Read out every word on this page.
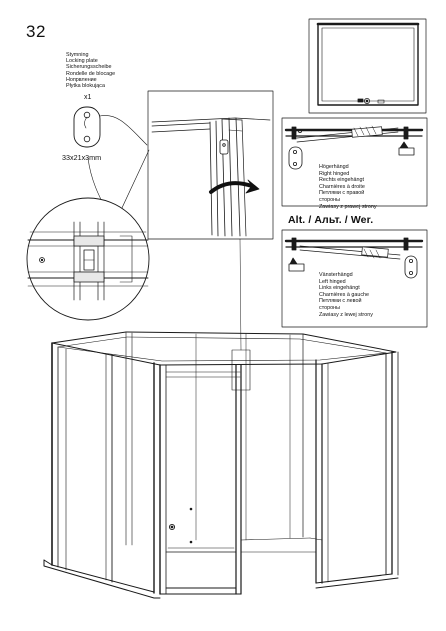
32
Stymning
Locking plate
Sicherungsscheibe
Rondelle de blocage
Нопрвление
Płytka blokująca
x1
33x21x3mm
Högerhängd
Right hinged
Rechts eingehängt
Charnières à droite
Петлями с правой
стороны
Zawiasy z prawej strony
Alt. / Альт. / Wer.
Vänsterhängd
Left hinged
Links eingehängt
Charnières à gauche
Петлями с левой
стороны
Zawiasy z lewej strony
